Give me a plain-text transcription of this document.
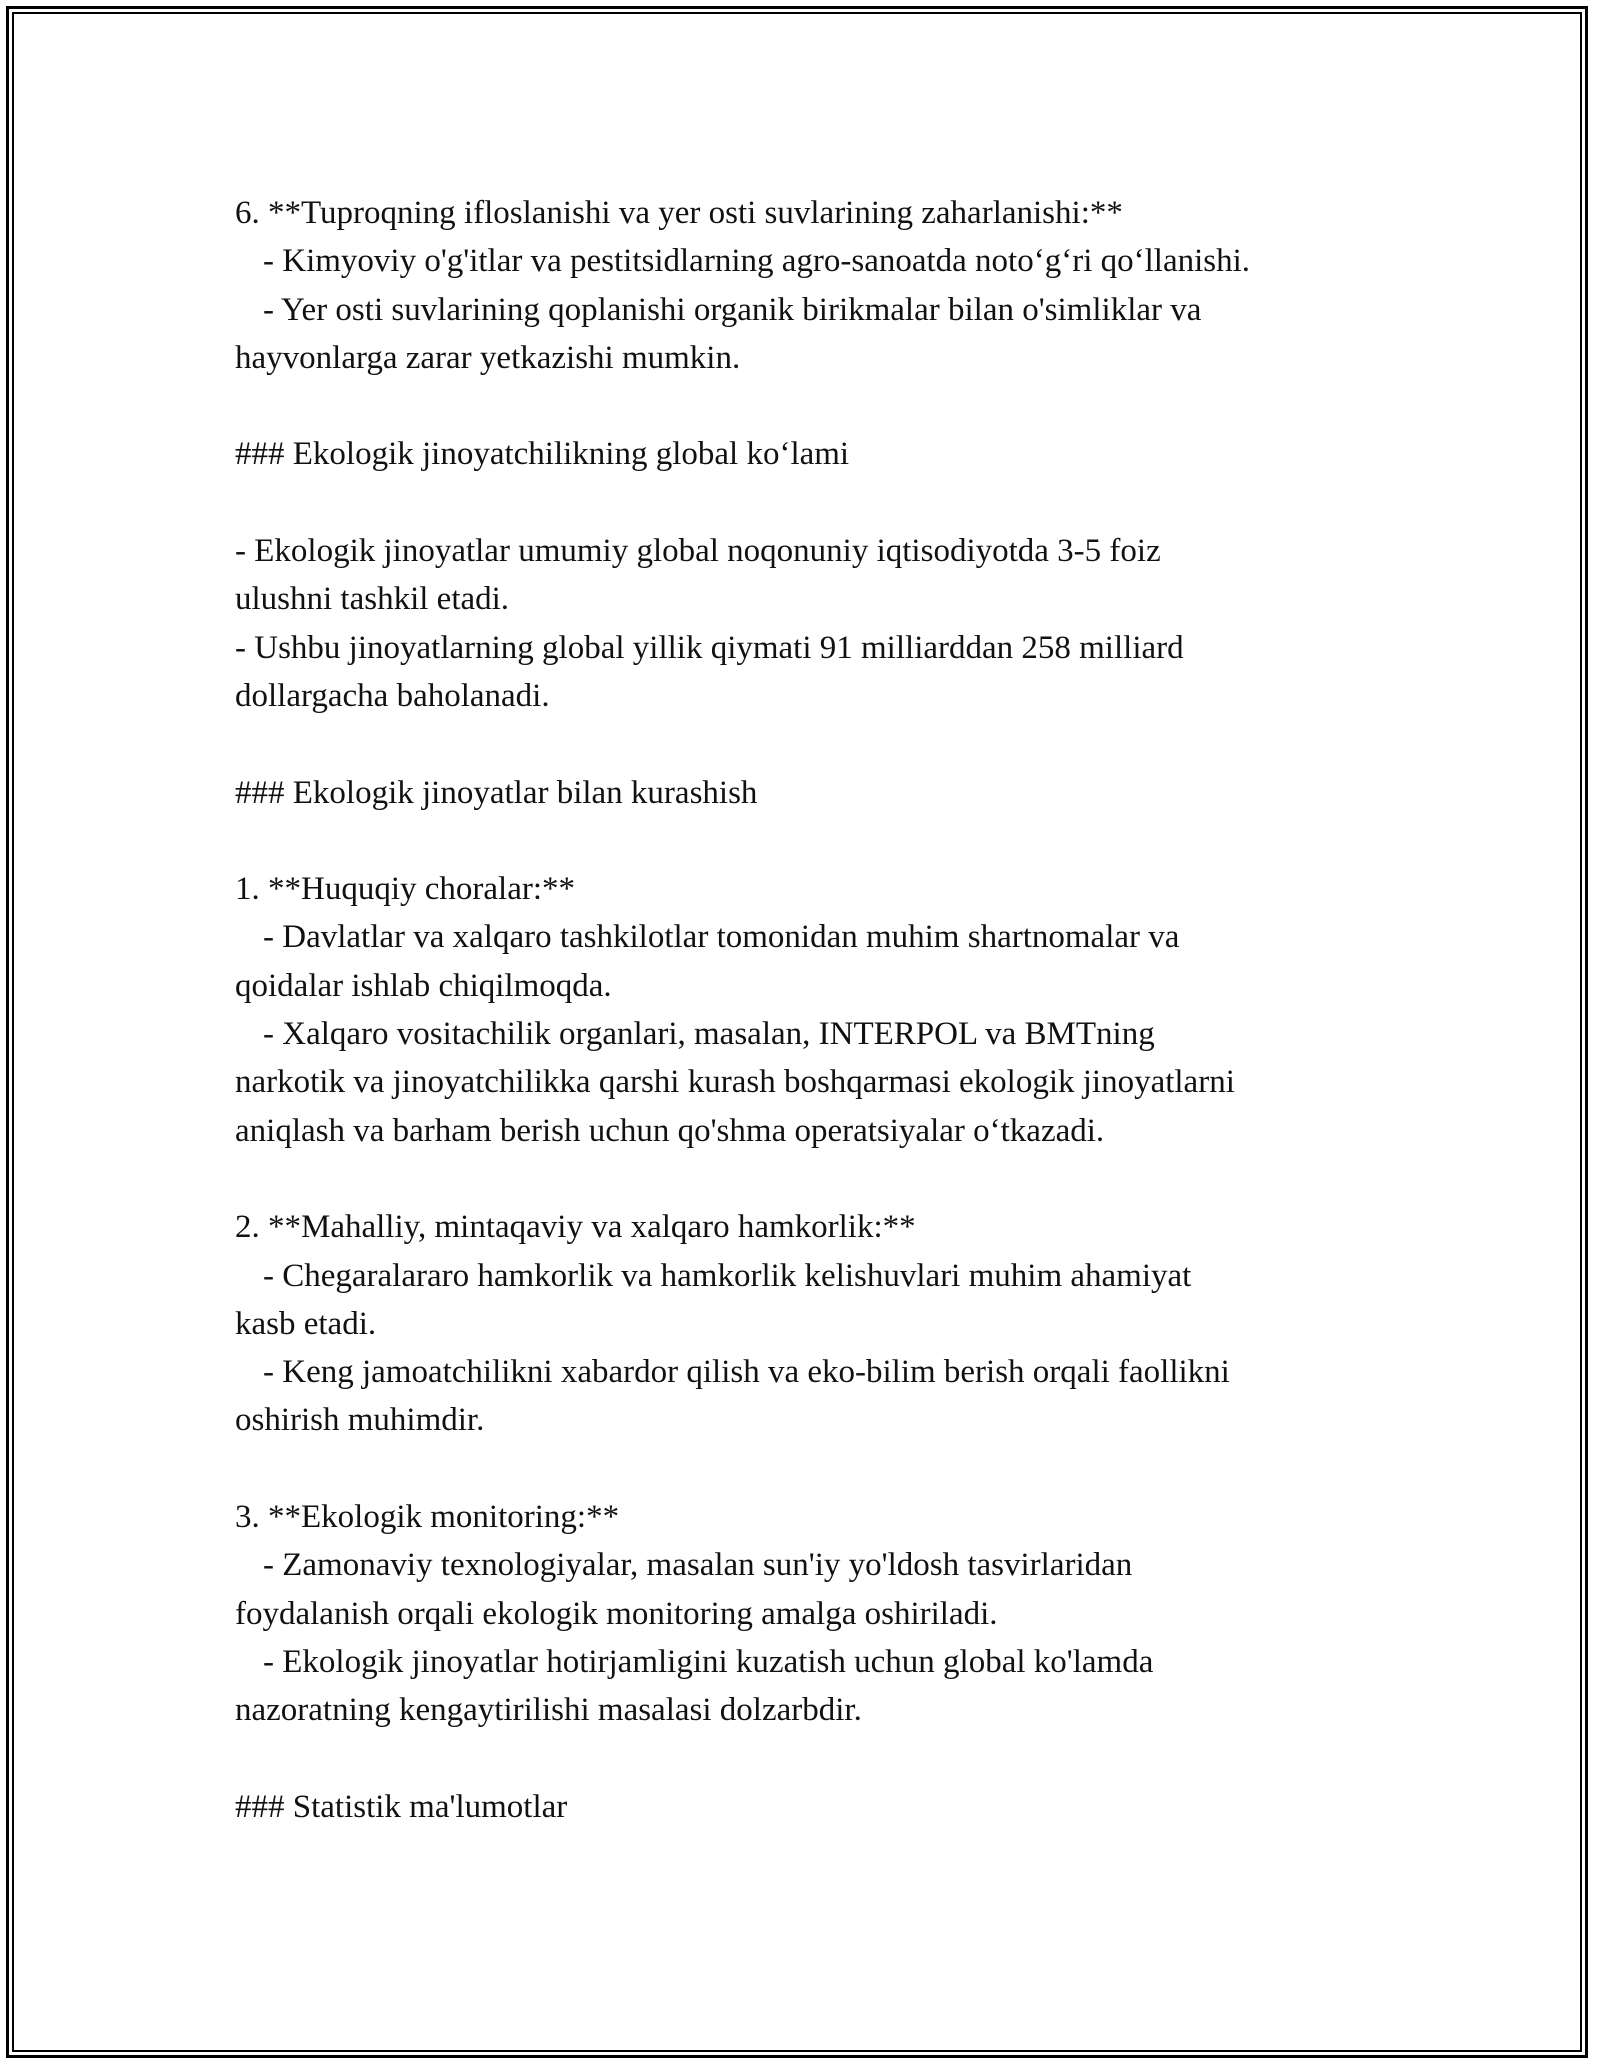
6. **Tuproqning ifloslanishi va yer osti suvlarining zaharlanishi:**
- Kimyoviy o'g'itlar va pestitsidlarning agro-sanoatda noto‘g‘ri qo‘llanishi.
- Yer osti suvlarining qoplanishi organik birikmalar bilan o'simliklar va
hayvonlarga zarar yetkazishi mumkin.
### Ekologik jinoyatchilikning global ko‘lami
- Ekologik jinoyatlar umumiy global noqonuniy iqtisodiyotda 3-5 foiz
ulushni tashkil etadi.
- Ushbu jinoyatlarning global yillik qiymati 91 milliarddan 258 milliard
dollargacha baholanadi.
### Ekologik jinoyatlar bilan kurashish
1. **Huquqiy choralar:**
- Davlatlar va xalqaro tashkilotlar tomonidan muhim shartnomalar va
qoidalar ishlab chiqilmoqda.
- Xalqaro vositachilik organlari, masalan, INTERPOL va BMTning
narkotik va jinoyatchilikka qarshi kurash boshqarmasi ekologik jinoyatlarni
aniqlash va barham berish uchun qo'shma operatsiyalar o‘tkazadi.
2. **Mahalliy, mintaqaviy va xalqaro hamkorlik:**
- Chegaralararo hamkorlik va hamkorlik kelishuvlari muhim ahamiyat
kasb etadi.
- Keng jamoatchilikni xabardor qilish va eko-bilim berish orqali faollikni
oshirish muhimdir.
3. **Ekologik monitoring:**
- Zamonaviy texnologiyalar, masalan sun'iy yo'ldosh tasvirlaridan
foydalanish orqali ekologik monitoring amalga oshiriladi.
- Ekologik jinoyatlar hotirjamligini kuzatish uchun global ko'lamda
nazoratning kengaytirilishi masalasi dolzarbdir.
### Statistik ma'lumotlar
